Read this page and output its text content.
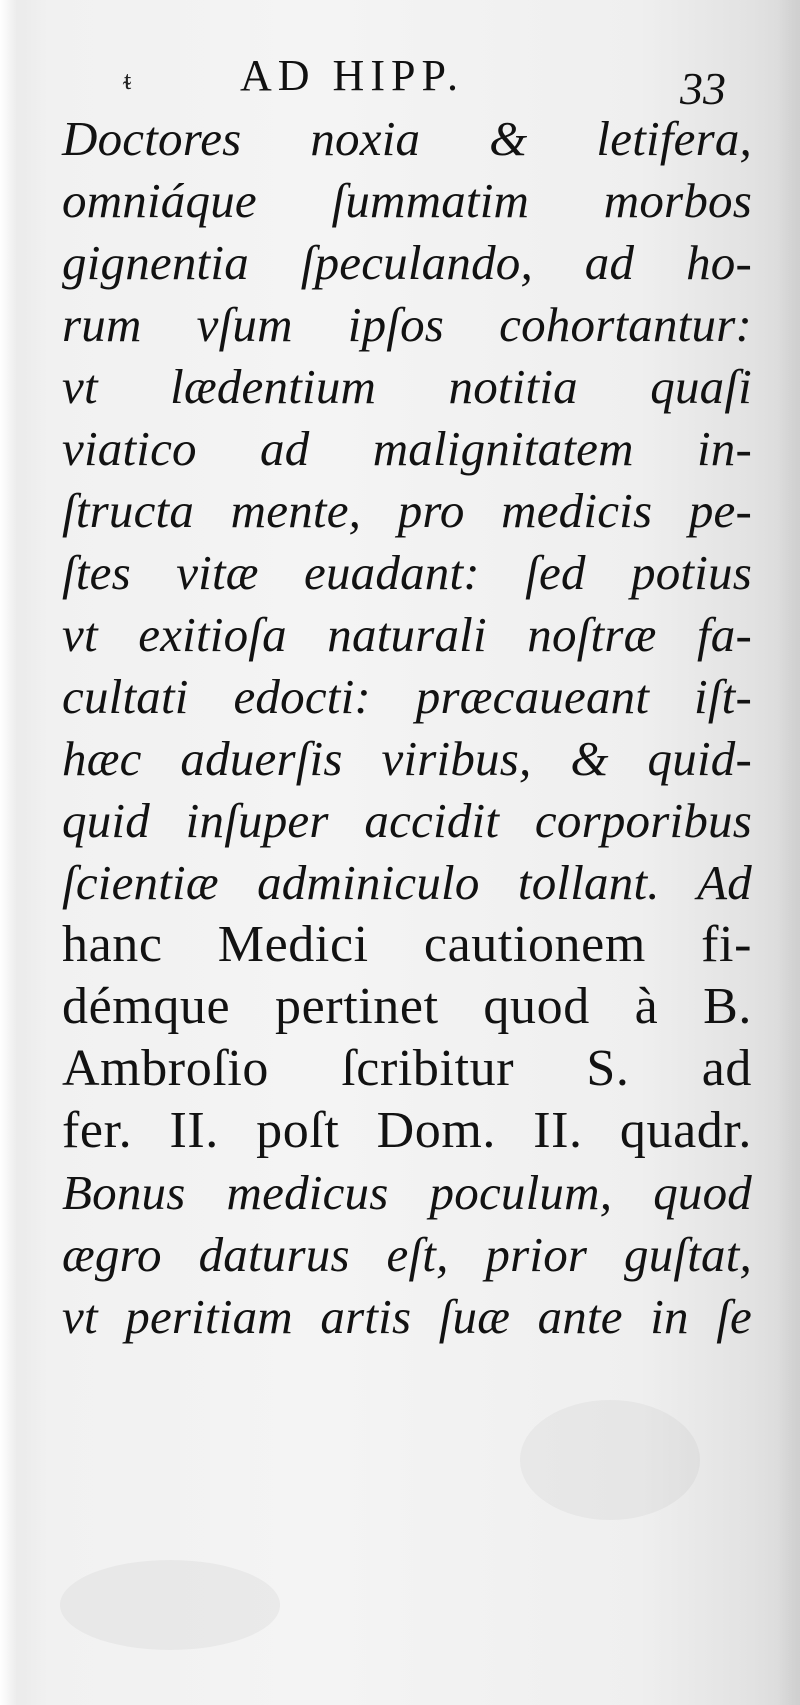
ᵵ AD HIPP.	33
Doctores noxia & letifera,
omniáque ſummatim morbos
gignentia ſpeculando, ad ho-
rum vſum ipſos cohortantur:
vt lædentium notitia quaſi
viatico ad malignitatem in-
ſtructa mente, pro medicis pe-
ſtes vitæ euadant: ſed potius
vt exitioſa naturali noſtræ fa-
cultati edocti: præcaueant iſt-
hæc aduerſis viribus, & quid-
quid inſuper accidit corporibus
ſcientiæ adminiculo tollant. Ad
hanc Medici cautionem fi-
démque pertinet quod à B.
Ambroſio ſcribitur S. ad
fer. II. poſt Dom. II. quadr.
Bonus medicus poculum, quod
ægro daturus eſt, prior guſtat,
vt peritiam artis ſuæ ante in ſe
